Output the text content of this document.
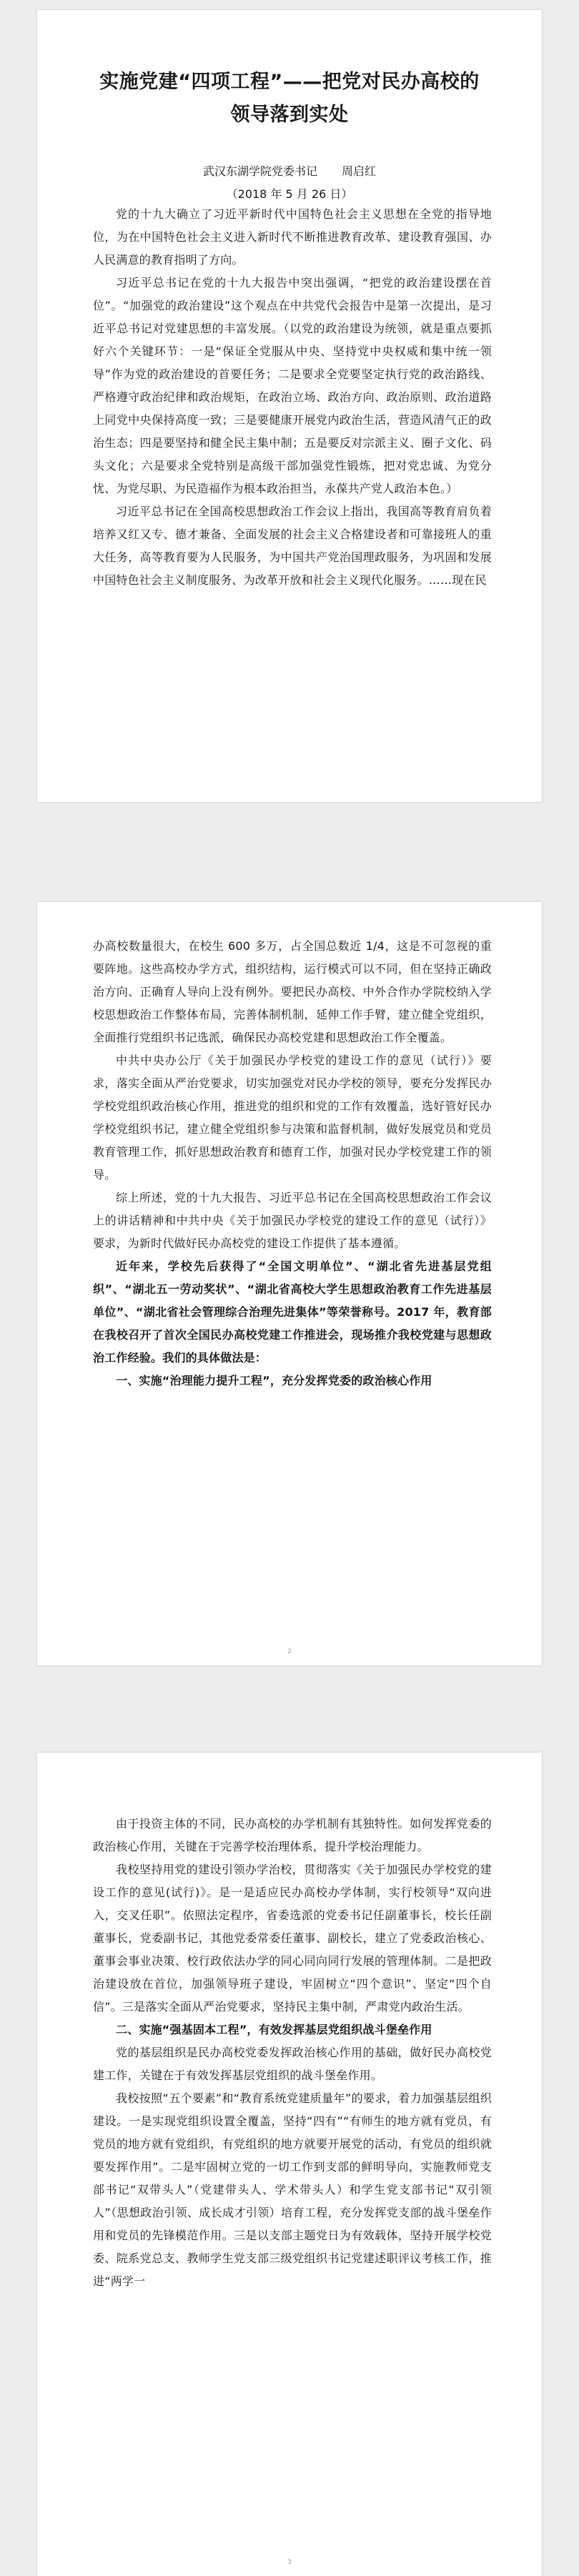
实施党建“四项工程”——把党对民办高校的领导落到实处
武汉东湖学院党委书记 周启红
（2018 年 5 月 26 日）

党的十九大确立了习近平新时代中国特色社会主义思想在全党的指导地位，为在中国特色社会主义进入新时代不断推进教育改革、建设教育强国、办人民满意的教育指明了方向。

习近平总书记在党的十九大报告中突出强调，“把党的政治建设摆在首位”。“加强党的政治建设”这个观点在中共党代会报告中是第一次提出，是习近平总书记对党建思想的丰富发展。（以党的政治建设为统领，就是重点要抓好六个关键环节：一是“保证全党服从中央、坚持党中央权威和集中统一领导”作为党的政治建设的首要任务；二是要求全党要坚定执行党的政治路线、严格遵守政治纪律和政治规矩，在政治立场、政治方向、政治原则、政治道路上同党中央保持高度一致；三是要健康开展党内政治生活，营造风清气正的政治生态；四是要坚持和健全民主集中制；五是要反对宗派主义、圈子文化、码头文化；六是要求全党特别是高级干部加强党性锻炼，把对党忠诚、为党分忧、为党尽职、为民造福作为根本政治担当，永葆共产党人政治本色。）

习近平总书记在全国高校思想政治工作会议上指出，我国高等教育肩负着培养又红又专、德才兼备、全面发展的社会主义合格建设者和可靠接班人的重大任务，高等教育要为人民服务，为中国共产党治国理政服务，为巩固和发展中国特色社会主义制度服务、为改革开放和社会主义现代化服务。……现在民

办高校数量很大，在校生 600 多万，占全国总数近 1/4，这是不可忽视的重要阵地。这些高校办学方式，组织结构，运行模式可以不同，但在坚持正确政治方向、正确育人导向上没有例外。要把民办高校、中外合作办学院校纳入学校思想政治工作整体布局，完善体制机制，延伸工作手臂，建立健全党组织，全面推行党组织书记选派，确保民办高校党建和思想政治工作全覆盖。

中共中央办公厅《关于加强民办学校党的建设工作的意见（试行）》要求，落实全面从严治党要求，切实加强党对民办学校的领导，要充分发挥民办学校党组织政治核心作用，推进党的组织和党的工作有效覆盖，选好管好民办学校党组织书记，建立健全党组织参与决策和监督机制，做好发展党员和党员教育管理工作，抓好思想政治教育和德育工作，加强对民办学校党建工作的领导。

综上所述，党的十九大报告、习近平总书记在全国高校思想政治工作会议上的讲话精神和中共中央《关于加强民办学校党的建设工作的意见（试行）》要求，为新时代做好民办高校党的建设工作提供了基本遵循。

近年来，学校先后获得了“全国文明单位”、“湖北省先进基层党组织”、“湖北五一劳动奖状”、“湖北省高校大学生思想政治教育工作先进基层单位”、“湖北省社会管理综合治理先进集体”等荣誉称号。2017 年，教育部在我校召开了首次全国民办高校党建工作推进会，现场推介我校党建与思想政治工作经验。我们的具体做法是：

一、实施“治理能力提升工程”，充分发挥党委的政治核心作用

2

由于投资主体的不同，民办高校的办学机制有其独特性。如何发挥党委的政治核心作用，关键在于完善学校治理体系，提升学校治理能力。

我校坚持用党的建设引领办学治校，贯彻落实《关于加强民办学校党的建设工作的意见(试行)》。是一是适应民办高校办学体制，实行校领导“双向进入，交叉任职”。依照法定程序，省委选派的党委书记任副董事长，校长任副董事长，党委副书记，其他党委常委任董事、副校长，建立了党委政治核心、董事会事业决策、校行政依法办学的同心同向同行发展的管理体制。二是把政治建设放在首位，加强领导班子建设，牢固树立“四个意识”、坚定“四个自信”。三是落实全面从严治党要求，坚持民主集中制，严肃党内政治生活。

二、实施“强基固本工程”，有效发挥基层党组织战斗堡垒作用

党的基层组织是民办高校党委发挥政治核心作用的基础，做好民办高校党建工作，关键在于有效发挥基层党组织的战斗堡垒作用。

我校按照“五个要素”和“教育系统党建质量年”的要求，着力加强基层组织建设。一是实现党组织设置全覆盖，坚持“四有”“有师生的地方就有党员，有党员的地方就有党组织，有党组织的地方就要开展党的活动，有党员的组织就要发挥作用”。二是牢固树立党的一切工作到支部的鲜明导向，实施教师党支部书记“双带头人”（党建带头人、学术带头人）和学生党支部书记“双引领人”（思想政治引领、成长成才引领）培育工程，充分发挥党支部的战斗堡垒作用和党员的先锋模范作用。三是以支部主题党日为有效载体，坚持开展学校党委、院系党总支、教师学生党支部三级党组织书记党建述职评议考核工作，推进“两学一

3
